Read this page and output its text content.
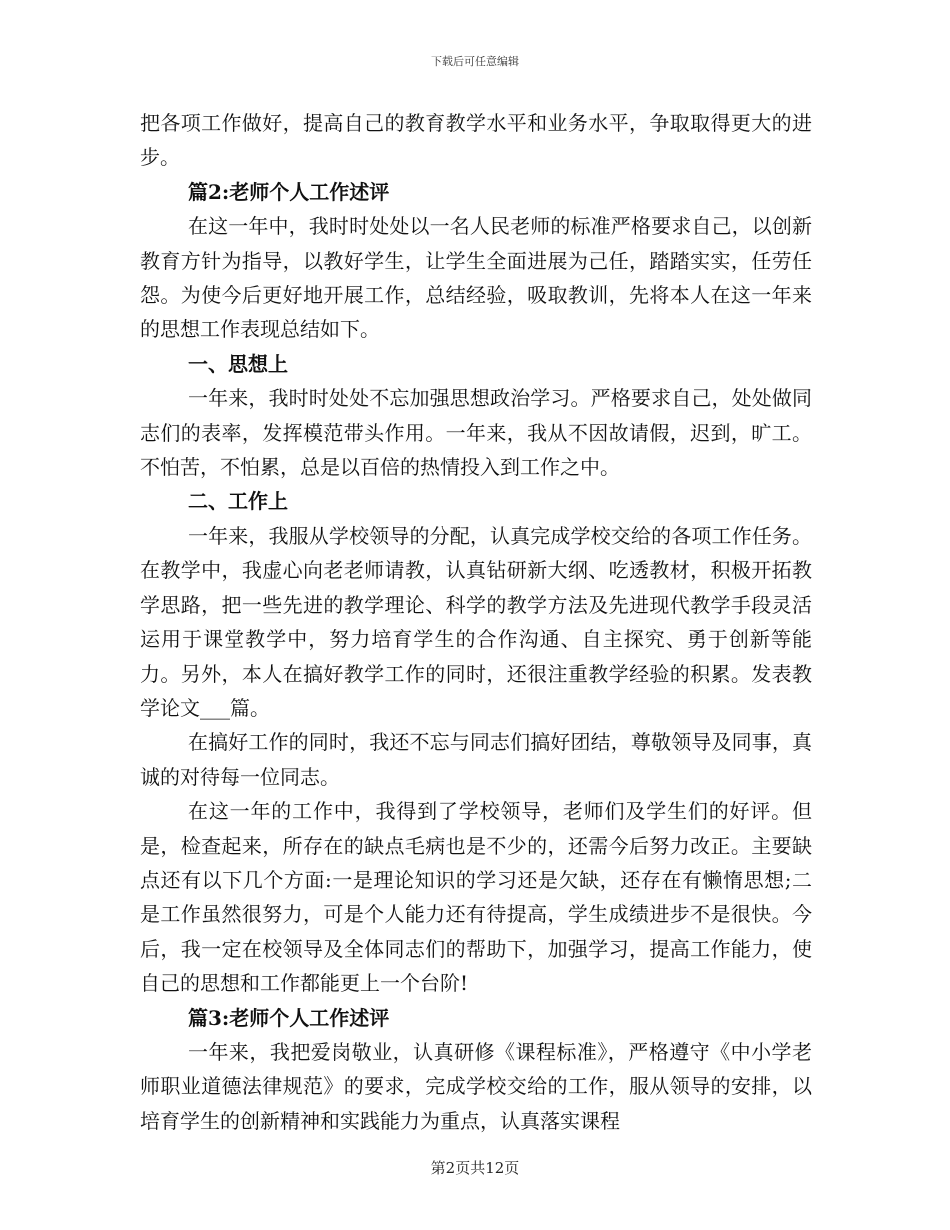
下载后可任意编辑

把各项工作做好，提高自己的教育教学水平和业务水平，争取取得更大的进步。

篇2:老师个人工作述评

在这一年中，我时时处处以一名人民老师的标准严格要求自己，以创新教育方针为指导，以教好学生，让学生全面进展为己任，踏踏实实，任劳任怨。为使今后更好地开展工作，总结经验，吸取教训，先将本人在这一年来的思想工作表现总结如下。

一、思想上

一年来，我时时处处不忘加强思想政治学习。严格要求自己，处处做同志们的表率，发挥模范带头作用。一年来，我从不因故请假，迟到，旷工。不怕苦，不怕累，总是以百倍的热情投入到工作之中。

二、工作上

一年来，我服从学校领导的分配，认真完成学校交给的各项工作任务。在教学中，我虚心向老老师请教，认真钻研新大纲、吃透教材，积极开拓教学思路，把一些先进的教学理论、科学的教学方法及先进现代教学手段灵活运用于课堂教学中，努力培育学生的合作沟通、自主探究、勇于创新等能力。另外，本人在搞好教学工作的同时，还很注重教学经验的积累。发表教学论文___篇。

在搞好工作的同时，我还不忘与同志们搞好团结，尊敬领导及同事，真诚的对待每一位同志。

在这一年的工作中，我得到了学校领导，老师们及学生们的好评。但是，检查起来，所存在的缺点毛病也是不少的，还需今后努力改正。主要缺点还有以下几个方面:一是理论知识的学习还是欠缺，还存在有懒惰思想;二是工作虽然很努力，可是个人能力还有待提高，学生成绩进步不是很快。今后，我一定在校领导及全体同志们的帮助下，加强学习，提高工作能力，使自己的思想和工作都能更上一个台阶!

篇3:老师个人工作述评

一年来，我把爱岗敬业，认真研修《课程标准》，严格遵守《中小学老师职业道德法律规范》的要求，完成学校交给的工作，服从领导的安排，以培育学生的创新精神和实践能力为重点，认真落实课程

第2页共12页
